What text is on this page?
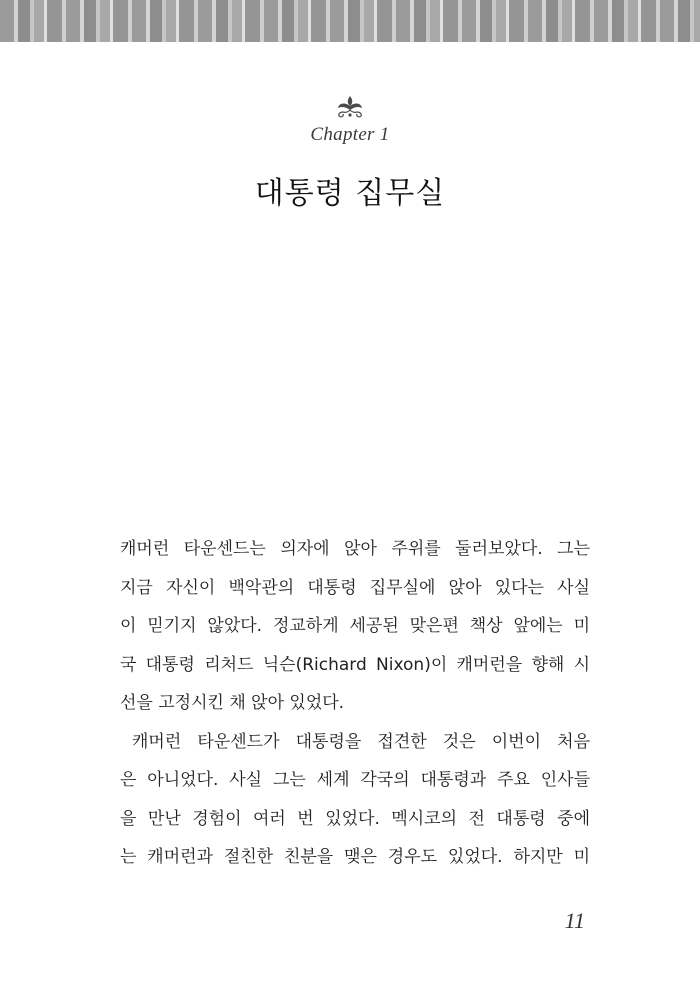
Chapter 1
대통령 집무실
캐머런 타운센드는 의자에 앉아 주위를 둘러보았다. 그는
지금 자신이 백악관의 대통령 집무실에 앉아 있다는 사실
이 믿기지 않았다. 정교하게 세공된 맞은편 책상 앞에는 미
국 대통령 리처드 닉슨(Richard Nixon)이 캐머런을 향해 시
선을 고정시킨 채 앉아 있었다.
캐머런 타운센드가 대통령을 접견한 것은 이번이 처음
은 아니었다. 사실 그는 세계 각국의 대통령과 주요 인사들
을 만난 경험이 여러 번 있었다. 멕시코의 전 대통령 중에
는 캐머런과 절친한 친분을 맺은 경우도 있었다. 하지만 미
11
